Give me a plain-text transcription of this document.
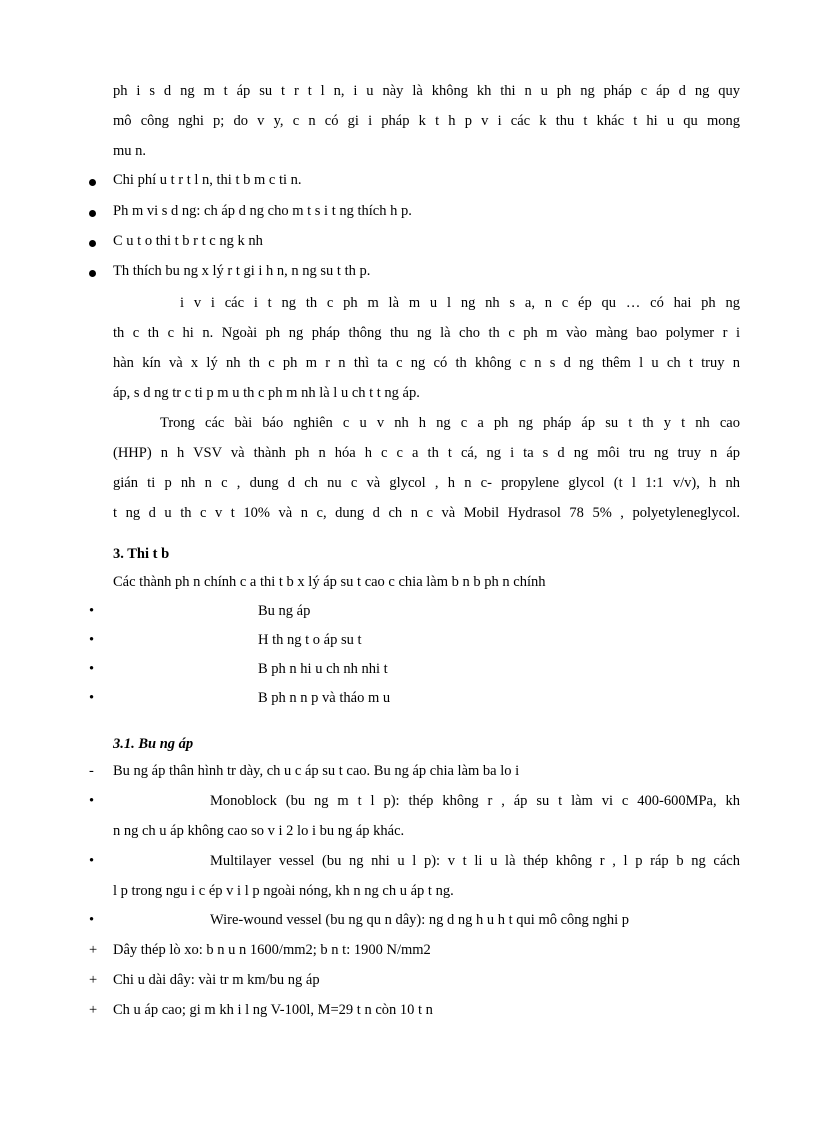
ph i s d ng m t áp su t r t l n, i u này là không kh thi n u ph ng pháp c áp d ng quy
mô công nghi p; do v y, c n có gi i pháp k t h p v i các k thu t khác t hi u qu mong
mu n.
Chi phí u t r t l n, thi t b m c ti n.
Ph m vi s d ng: ch áp d ng cho m t s i t ng thích h p.
C u t o thi t b r t c ng k nh
Th thích bu ng x lý r t gi i h n, n ng su t th p.
i v i các i t ng th c ph m là m u l ng nh s a, n c ép qu … có hai ph ng
th c th c hi n. Ngoài ph ng pháp thông thu ng là cho th c ph m vào màng bao polymer r i
hàn kín và x lý nh th c ph m r n thì ta c ng có th không c n s d ng thêm l u ch t truy n
áp, s d ng tr c ti p m u th c ph m nh là l u ch t t ng áp.
Trong các bài báo nghiên c u v nh h ng c a ph ng pháp áp su t th y t nh cao
(HHP) n h VSV và thành ph n hóa h c c a th t cá, ng i ta s d ng môi tru ng truy n áp
gián ti p nh n c , dung d ch nu c và glycol , h n c- propylene glycol (t l 1:1 v/v), h nh
t ng d u th c v t 10% và n c, dung d ch n c và Mobil Hydrasol 78 5% , polyetyleneglycol.
3. Thi t b
Các thành ph n chính c a thi t b x lý áp su t cao c chia làm b n b ph n chính
•	Bu ng áp
•	H th ng t o áp su t
•	B ph n hi u ch nh nhi t
•	B ph n n p và tháo m u
3.1. Bu ng áp
- Bu ng áp thân hình tr dày, ch u c áp su t cao. Bu ng áp chia làm ba lo i
•	Monoblock (bu ng m t l p): thép không r , áp su t làm vi c 400-600MPa, kh
n ng ch u áp không cao so v i 2 lo i bu ng áp khác.
•	Multilayer vessel (bu ng nhi u l p): v t li u là thép không r , l p ráp b ng cách
l p trong ngu i c ép v i l p ngoài nóng, kh n ng ch u áp t ng.
•	Wire-wound vessel (bu ng qu n dây): ng d ng h u h t qui mô công nghi p
+ Dây thép lò xo: b n u n 1600/mm2; b n t: 1900 N/mm2
+ Chi u dài dây: vài tr m km/bu ng áp
+ Ch u áp cao; gi m kh i l ng V-100l, M=29 t n còn 10 t n
